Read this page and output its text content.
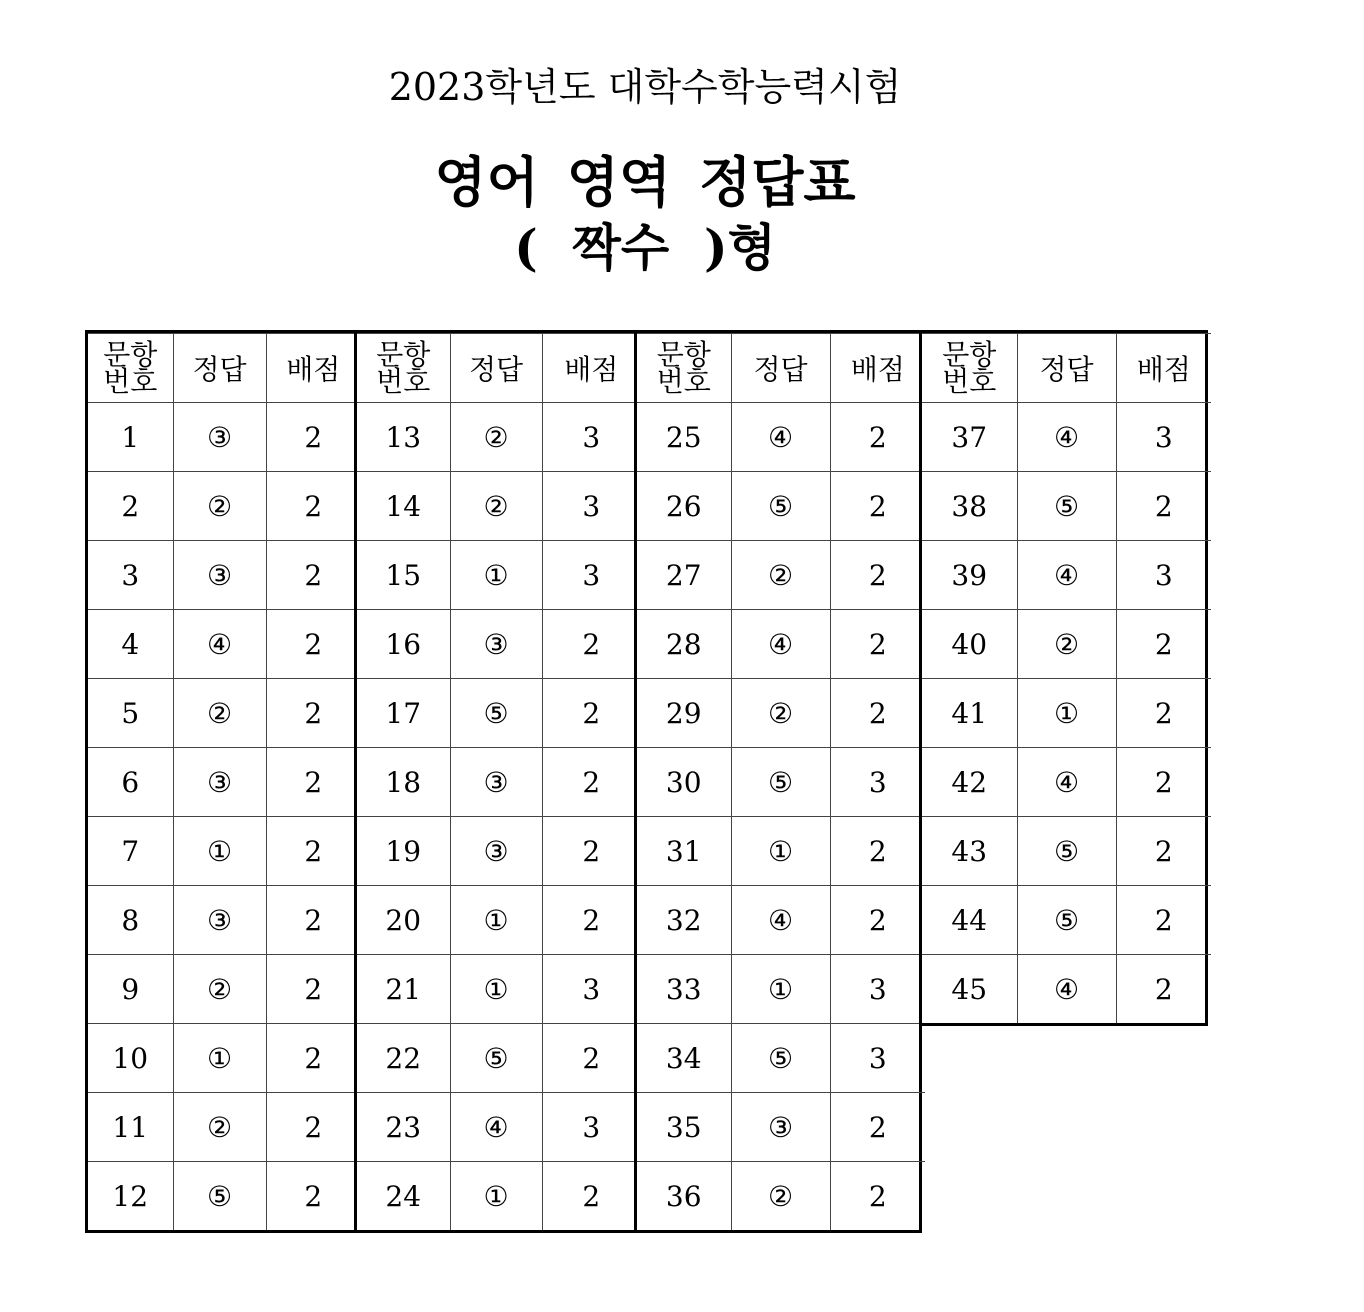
2023학년도 대학수학능력시험
영어 영역 정답표
(  짝수  )형
문항
번호	정답	배점
1	③	2
2	②	2
3	③	2
4	④	2
5	②	2
6	③	2
7	①	2
8	③	2
9	②	2
10	①	2
11	②	2
12	⑤	2
문항
번호	정답	배점
13	②	3
14	②	3
15	①	3
16	③	2
17	⑤	2
18	③	2
19	③	2
20	①	2
21	①	3
22	⑤	2
23	④	3
24	①	2
문항
번호	정답	배점
25	④	2
26	⑤	2
27	②	2
28	④	2
29	②	2
30	⑤	3
31	①	2
32	④	2
33	①	3
34	⑤	3
35	③	2
36	②	2
문항
번호	정답	배점
37	④	3
38	⑤	2
39	④	3
40	②	2
41	①	2
42	④	2
43	⑤	2
44	⑤	2
45	④	2
